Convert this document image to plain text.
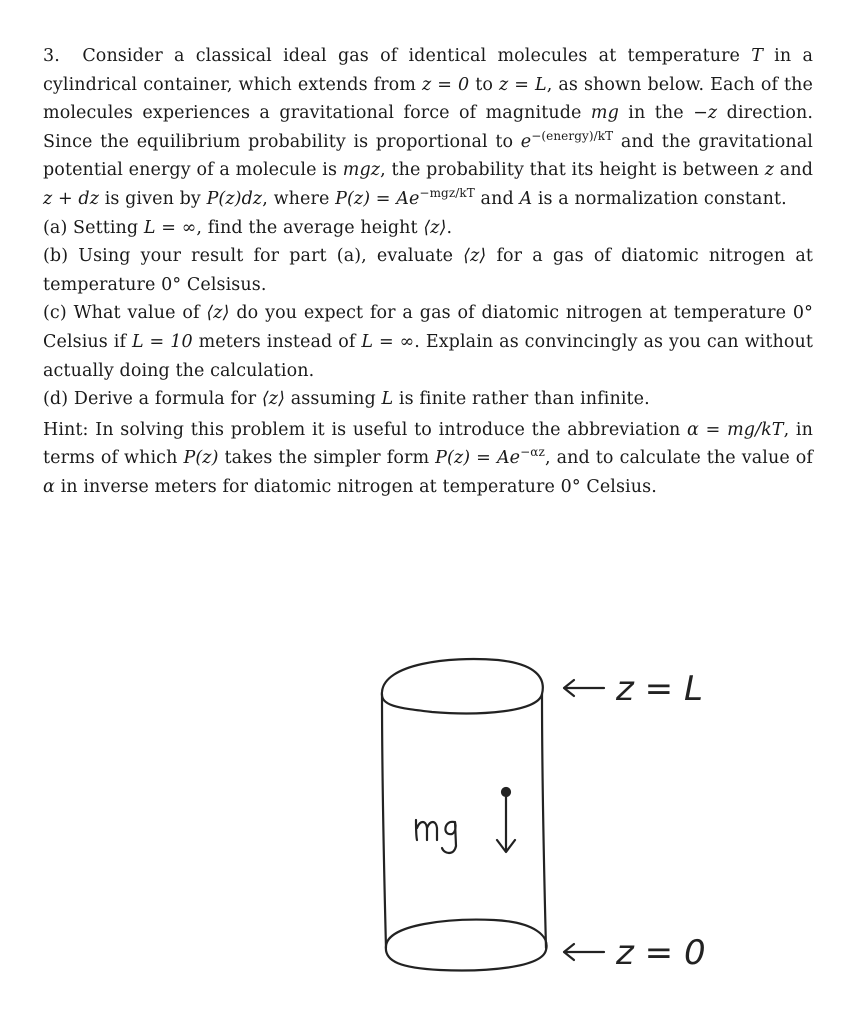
3. Consider a classical ideal gas of identical molecules at temperature T in a cylindrical container, which extends from z = 0 to z = L, as shown below. Each of the molecules experiences a gravitational force of magnitude mg in the −z direction. Since the equilibrium probability is proportional to $e^{-(energy)/kT}$ and the gravitational potential energy of a molecule is mgz, the probability that its height is between z and z + dz is given by P(z)dz, where $P(z) = Ae^{-mgz/kT}$ and A is a normalization constant.

(a) Setting L = ∞, find the average height ⟨z⟩.

(b) Using your result for part (a), evaluate ⟨z⟩ for a gas of diatomic nitrogen at temperature 0° Celsisus.

(c) What value of ⟨z⟩ do you expect for a gas of diatomic nitrogen at temperature 0° Celsius if L = 10 meters instead of L = ∞. Explain as convincingly as you can without actually doing the calculation.

(d) Derive a formula for ⟨z⟩ assuming L is finite rather than infinite.

Hint: In solving this problem it is useful to introduce the abbreviation α = mg/kT, in terms of which P(z) takes the simpler form $P(z) = Ae^{-\alpha z}$, and to calculate the value of α in inverse meters for diatomic nitrogen at temperature 0° Celsius.

z = L
z = 0
